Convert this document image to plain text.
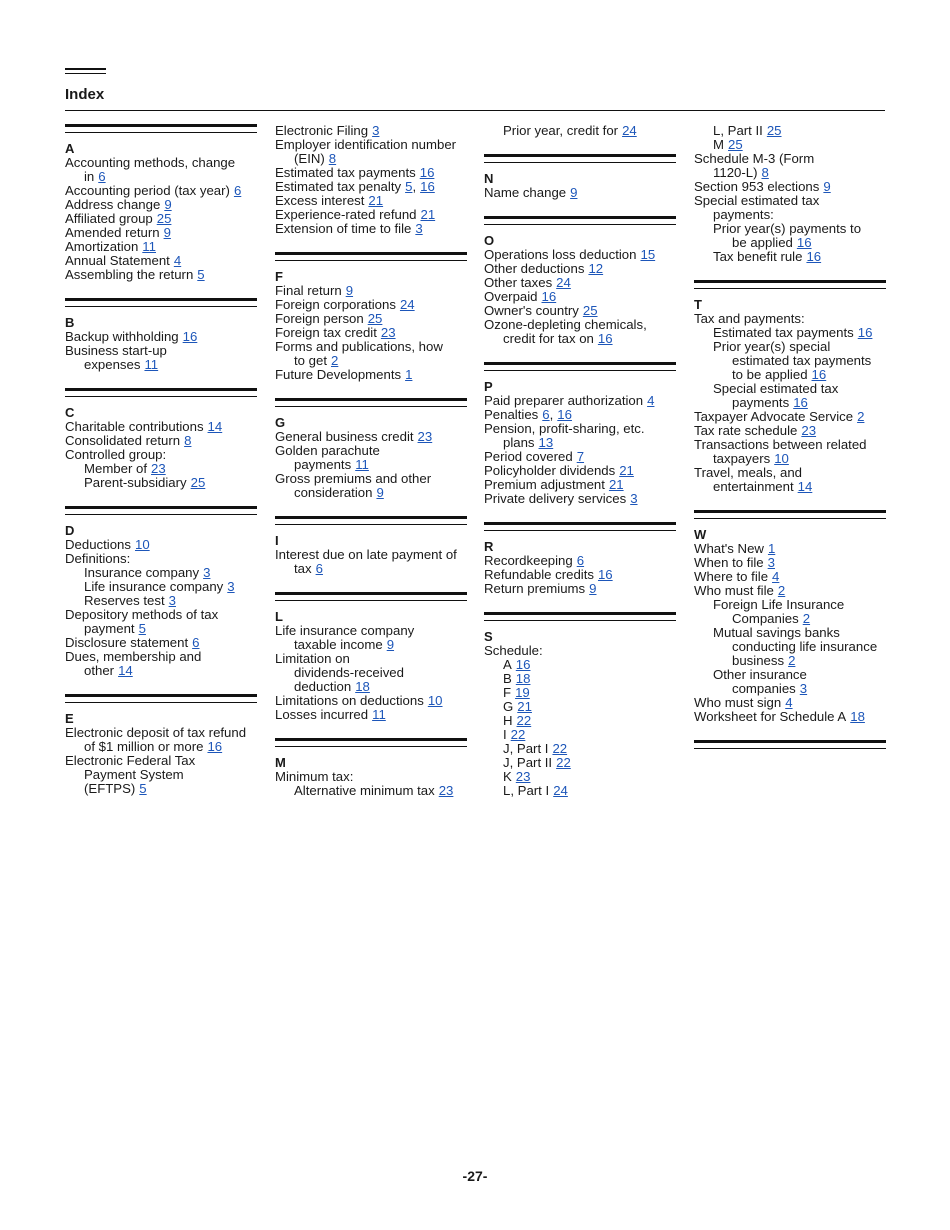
Index
A
Accounting methods, change
in 6
Accounting period (tax year) 6
Address change 9
Affiliated group 25
Amended return 9
Amortization 11
Annual Statement 4
Assembling the return 5
B
Backup withholding 16
Business start-up
expenses 11
C
Charitable contributions 14
Consolidated return 8
Controlled group:
Member of 23
Parent-subsidiary 25
D
Deductions 10
Definitions:
Insurance company 3
Life insurance company 3
Reserves test 3
Depository methods of tax
payment 5
Disclosure statement 6
Dues, membership and
other 14
E
Electronic deposit of tax refund
of $1 million or more 16
Electronic Federal Tax
Payment System
(EFTPS) 5
Electronic Filing 3
Employer identification number
(EIN) 8
Estimated tax payments 16
Estimated tax penalty 5, 16
Excess interest 21
Experience-rated refund 21
Extension of time to file 3
F
Final return 9
Foreign corporations 24
Foreign person 25
Foreign tax credit 23
Forms and publications, how
to get 2
Future Developments 1
G
General business credit 23
Golden parachute
payments 11
Gross premiums and other
consideration 9
I
Interest due on late payment of
tax 6
L
Life insurance company
taxable income 9
Limitation on
dividends-received
deduction 18
Limitations on deductions 10
Losses incurred 11
M
Minimum tax:
Alternative minimum tax 23
Prior year, credit for 24
N
Name change 9
O
Operations loss deduction 15
Other deductions 12
Other taxes 24
Overpaid 16
Owner's country 25
Ozone-depleting chemicals,
credit for tax on 16
P
Paid preparer authorization 4
Penalties 6, 16
Pension, profit-sharing, etc.
plans 13
Period covered 7
Policyholder dividends 21
Premium adjustment 21
Private delivery services 3
R
Recordkeeping 6
Refundable credits 16
Return premiums 9
S
Schedule:
A 16
B 18
F 19
G 21
H 22
I 22
J, Part I 22
J, Part II 22
K 23
L, Part I 24
L, Part II 25
M 25
Schedule M-3 (Form
1120-L) 8
Section 953 elections 9
Special estimated tax
payments:
Prior year(s) payments to
be applied 16
Tax benefit rule 16
T
Tax and payments:
Estimated tax payments 16
Prior year(s) special
estimated tax payments
to be applied 16
Special estimated tax
payments 16
Taxpayer Advocate Service 2
Tax rate schedule 23
Transactions between related
taxpayers 10
Travel, meals, and
entertainment 14
W
What's New 1
When to file 3
Where to file 4
Who must file 2
Foreign Life Insurance
Companies 2
Mutual savings banks
conducting life insurance
business 2
Other insurance
companies 3
Who must sign 4
Worksheet for Schedule A 18
-27-
